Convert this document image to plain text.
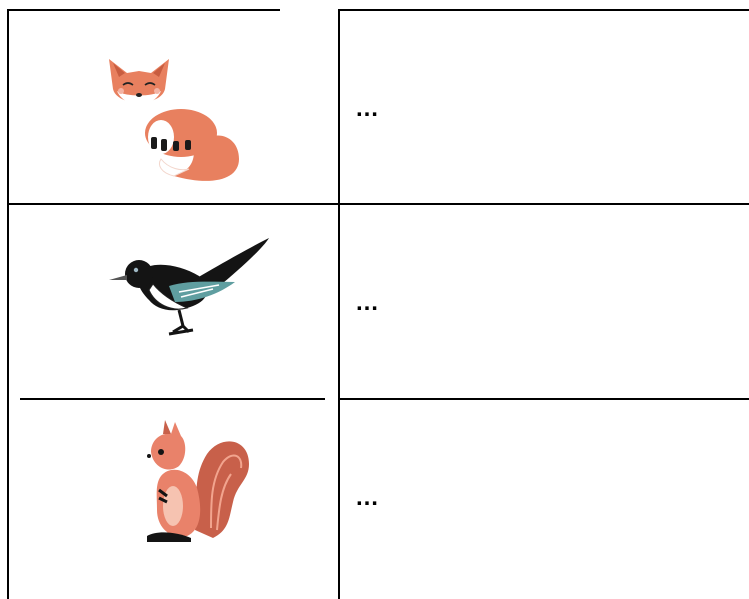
…
…
…
